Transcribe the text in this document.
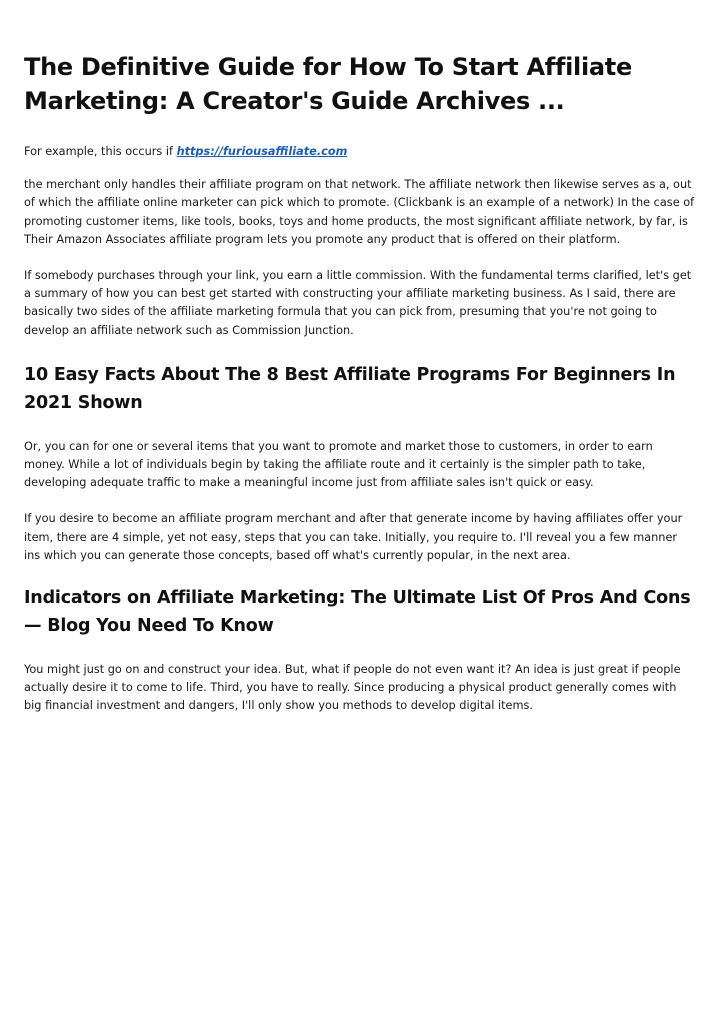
The Definitive Guide for How To Start Affiliate Marketing: A Creator's Guide Archives ...

For example, this occurs if https://furiousaffiliate.com

the merchant only handles their affiliate program on that network. The affiliate network then likewise serves as a, out of which the affiliate online marketer can pick which to promote. (Clickbank is an example of a network) In the case of promoting customer items, like tools, books, toys and home products, the most significant affiliate network, by far, is Their Amazon Associates affiliate program lets you promote any product that is offered on their platform.

If somebody purchases through your link, you earn a little commission. With the fundamental terms clarified, let's get a summary of how you can best get started with constructing your affiliate marketing business. As I said, there are basically two sides of the affiliate marketing formula that you can pick from, presuming that you're not going to develop an affiliate network such as Commission Junction.

10 Easy Facts About The 8 Best Affiliate Programs For Beginners In 2021 Shown

Or, you can for one or several items that you want to promote and market those to customers, in order to earn money. While a lot of individuals begin by taking the affiliate route and it certainly is the simpler path to take, developing adequate traffic to make a meaningful income just from affiliate sales isn't quick or easy.

If you desire to become an affiliate program merchant and after that generate income by having affiliates offer your item, there are 4 simple, yet not easy, steps that you can take. Initially, you require to. I'll reveal you a few manner ins which you can generate those concepts, based off what's currently popular, in the next area.

Indicators on Affiliate Marketing: The Ultimate List Of Pros And Cons — Blog You Need To Know

You might just go on and construct your idea. But, what if people do not even want it? An idea is just great if people actually desire it to come to life. Third, you have to really. Since producing a physical product generally comes with big financial investment and dangers, I'll only show you methods to develop digital items.
